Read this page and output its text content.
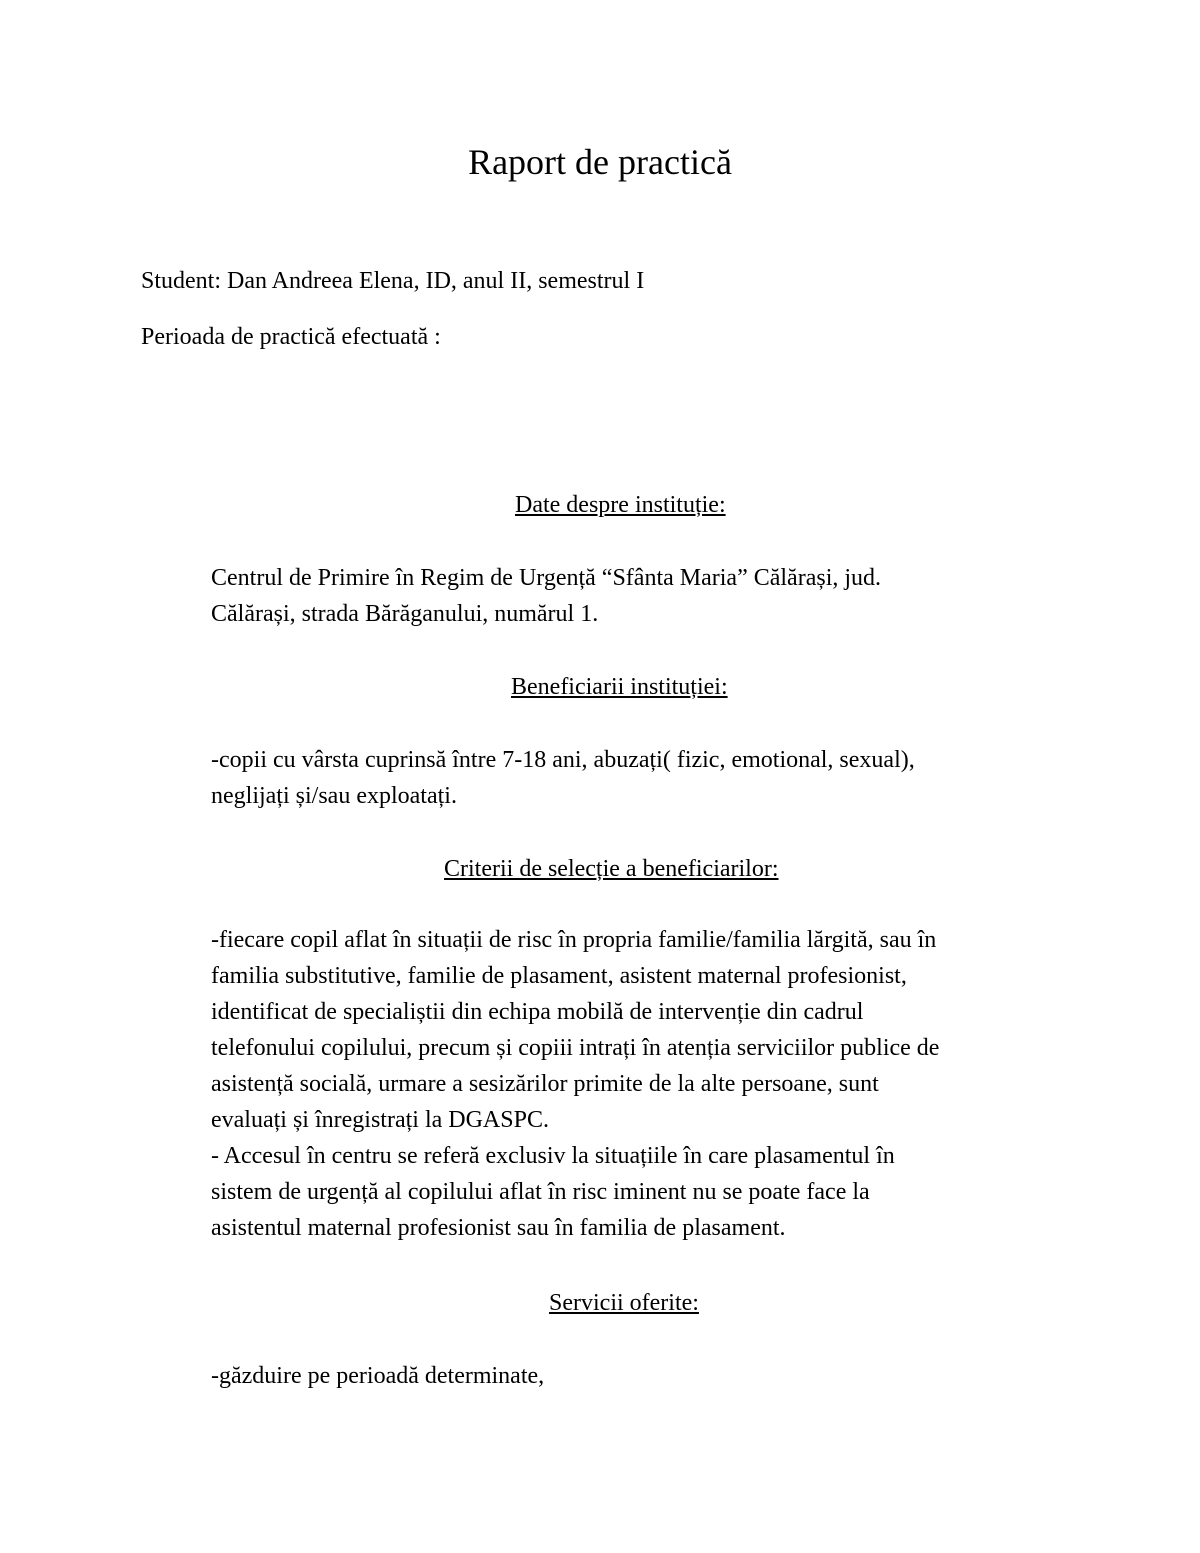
Raport de practică
Student: Dan Andreea Elena, ID, anul II, semestrul I
Perioada de practică efectuată :
Date despre instituție:
Centrul de Primire în Regim de Urgență “Sfânta Maria” Călărași, jud.
Călărași, strada Bărăganului, numărul 1.
Beneficiarii instituției:
-copii cu vârsta cuprinsă între 7-18 ani, abuzați( fizic, emotional, sexual),
neglijați și/sau exploatați.
Criterii de selecție a beneficiarilor:
-fiecare copil aflat în situații de risc în propria familie/familia lărgită, sau în
familia substitutive, familie de plasament, asistent maternal profesionist,
identificat de specialiștii din echipa mobilă de intervenție din cadrul
telefonului copilului, precum și copiii intrați în atenția serviciilor publice de
asistență socială, urmare a sesizărilor primite de la alte persoane, sunt
evaluați și înregistrați la DGASPC.
- Accesul în centru se referă exclusiv la situațiile în care plasamentul în
sistem de urgență al copilului aflat în risc iminent nu se poate face la
asistentul maternal profesionist sau în familia de plasament.
Servicii oferite:
-găzduire pe perioadă determinate,
